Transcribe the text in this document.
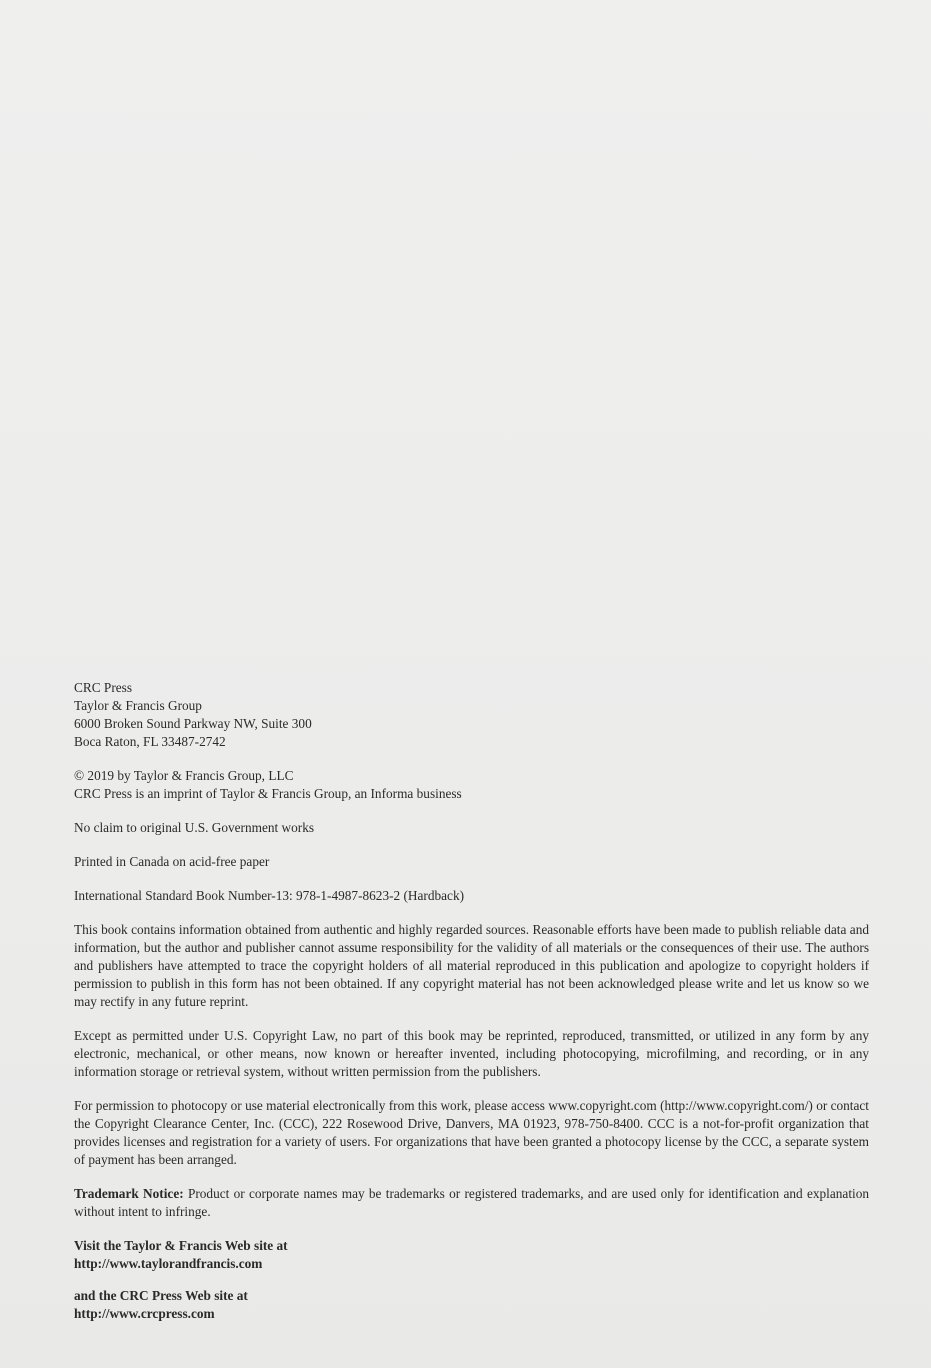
CRC Press
Taylor & Francis Group
6000 Broken Sound Parkway NW, Suite 300
Boca Raton, FL 33487-2742
© 2019 by Taylor & Francis Group, LLC
CRC Press is an imprint of Taylor & Francis Group, an Informa business
No claim to original U.S. Government works
Printed in Canada on acid-free paper
International Standard Book Number-13: 978-1-4987-8623-2 (Hardback)

This book contains information obtained from authentic and highly regarded sources. Reasonable efforts have been made to publish reliable data and information, but the author and publisher cannot assume responsibility for the validity of all materials or the consequences of their use. The authors and publishers have attempted to trace the copyright holders of all material reproduced in this publication and apologize to copyright holders if permission to publish in this form has not been obtained. If any copyright material has not been acknowledged please write and let us know so we may rectify in any future reprint.

Except as permitted under U.S. Copyright Law, no part of this book may be reprinted, reproduced, transmitted, or utilized in any form by any electronic, mechanical, or other means, now known or hereafter invented, including photocopying, microfilming, and recording, or in any information storage or retrieval system, without written permission from the publishers.

For permission to photocopy or use material electronically from this work, please access www.copyright.com (http://www.copyright.com/) or contact the Copyright Clearance Center, Inc. (CCC), 222 Rosewood Drive, Danvers, MA 01923, 978-750-8400. CCC is a not-for-profit organization that provides licenses and registration for a variety of users. For organizations that have been granted a photocopy license by the CCC, a separate system of payment has been arranged.

Trademark Notice: Product or corporate names may be trademarks or registered trademarks, and are used only for identification and explanation without intent to infringe.

Visit the Taylor & Francis Web site at
http://www.taylorandfrancis.com
and the CRC Press Web site at
http://www.crcpress.com
